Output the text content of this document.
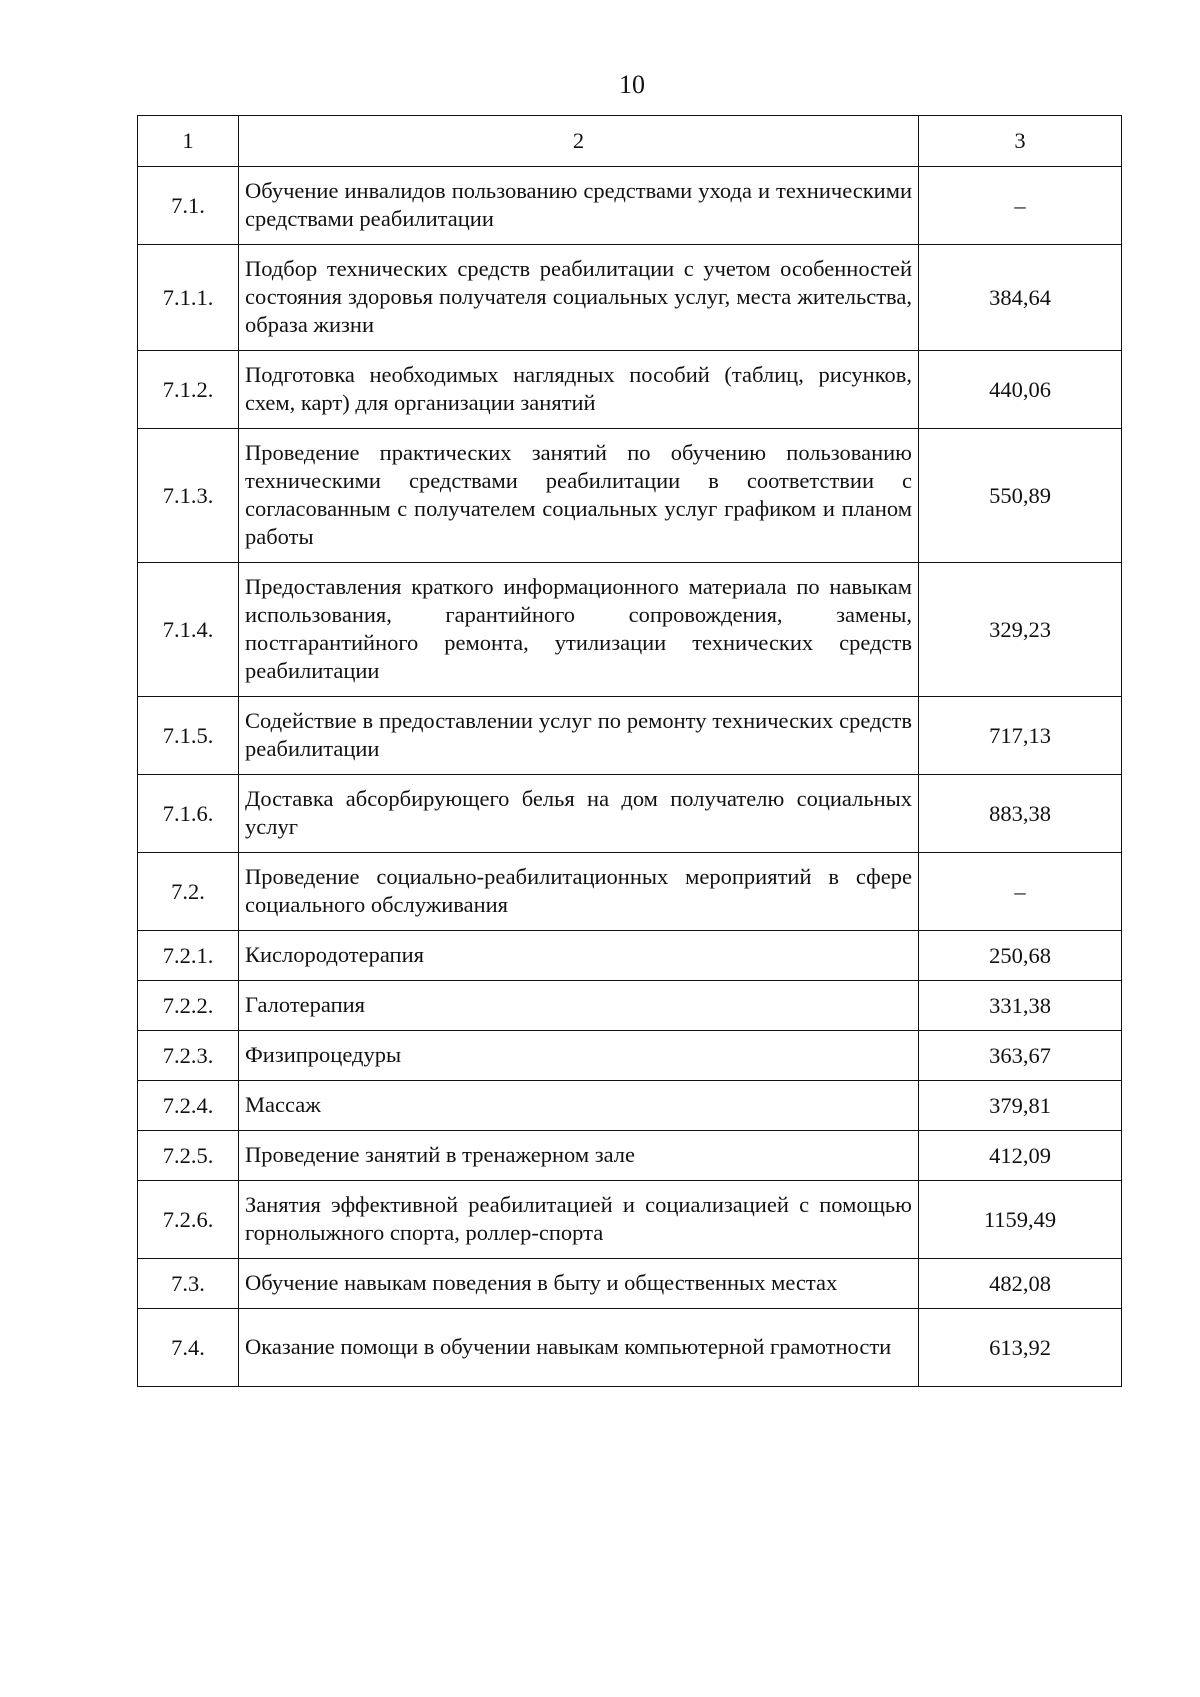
10
1	2	3
7.1.	Обучение инвалидов пользованию средствами ухода и техническими средствами реабилитации	–
7.1.1.	Подбор технических средств реабилитации с учетом особенностей состояния здоровья получателя социальных услуг, места жительства, образа жизни	384,64
7.1.2.	Подготовка необходимых наглядных пособий (таблиц, рисунков, схем, карт) для организации занятий	440,06
7.1.3.	Проведение практических занятий по обучению пользованию техническими средствами реабилитации в соответствии с согласованным с получателем социальных услуг графиком и планом работы	550,89
7.1.4.	Предоставления краткого информационного материала по навыкам использования, гарантийного сопровождения, замены, постгарантийного ремонта, утилизации технических средств реабилитации	329,23
7.1.5.	Содействие в предоставлении услуг по ремонту технических средств реабилитации	717,13
7.1.6.	Доставка абсорбирующего белья на дом получателю социальных услуг	883,38
7.2.	Проведение социально-реабилитационных мероприятий в сфере социального обслуживания	–
7.2.1.	Кислородотерапия	250,68
7.2.2.	Галотерапия	331,38
7.2.3.	Физипроцедуры	363,67
7.2.4.	Массаж	379,81
7.2.5.	Проведение занятий в тренажерном зале	412,09
7.2.6.	Занятия эффективной реабилитацией и социализацией с помощью горнолыжного спорта, роллер-спорта	1159,49
7.3.	Обучение навыкам поведения в быту и общественных местах	482,08
7.4.	Оказание помощи в обучении навыкам компьютерной грамотности	613,92
